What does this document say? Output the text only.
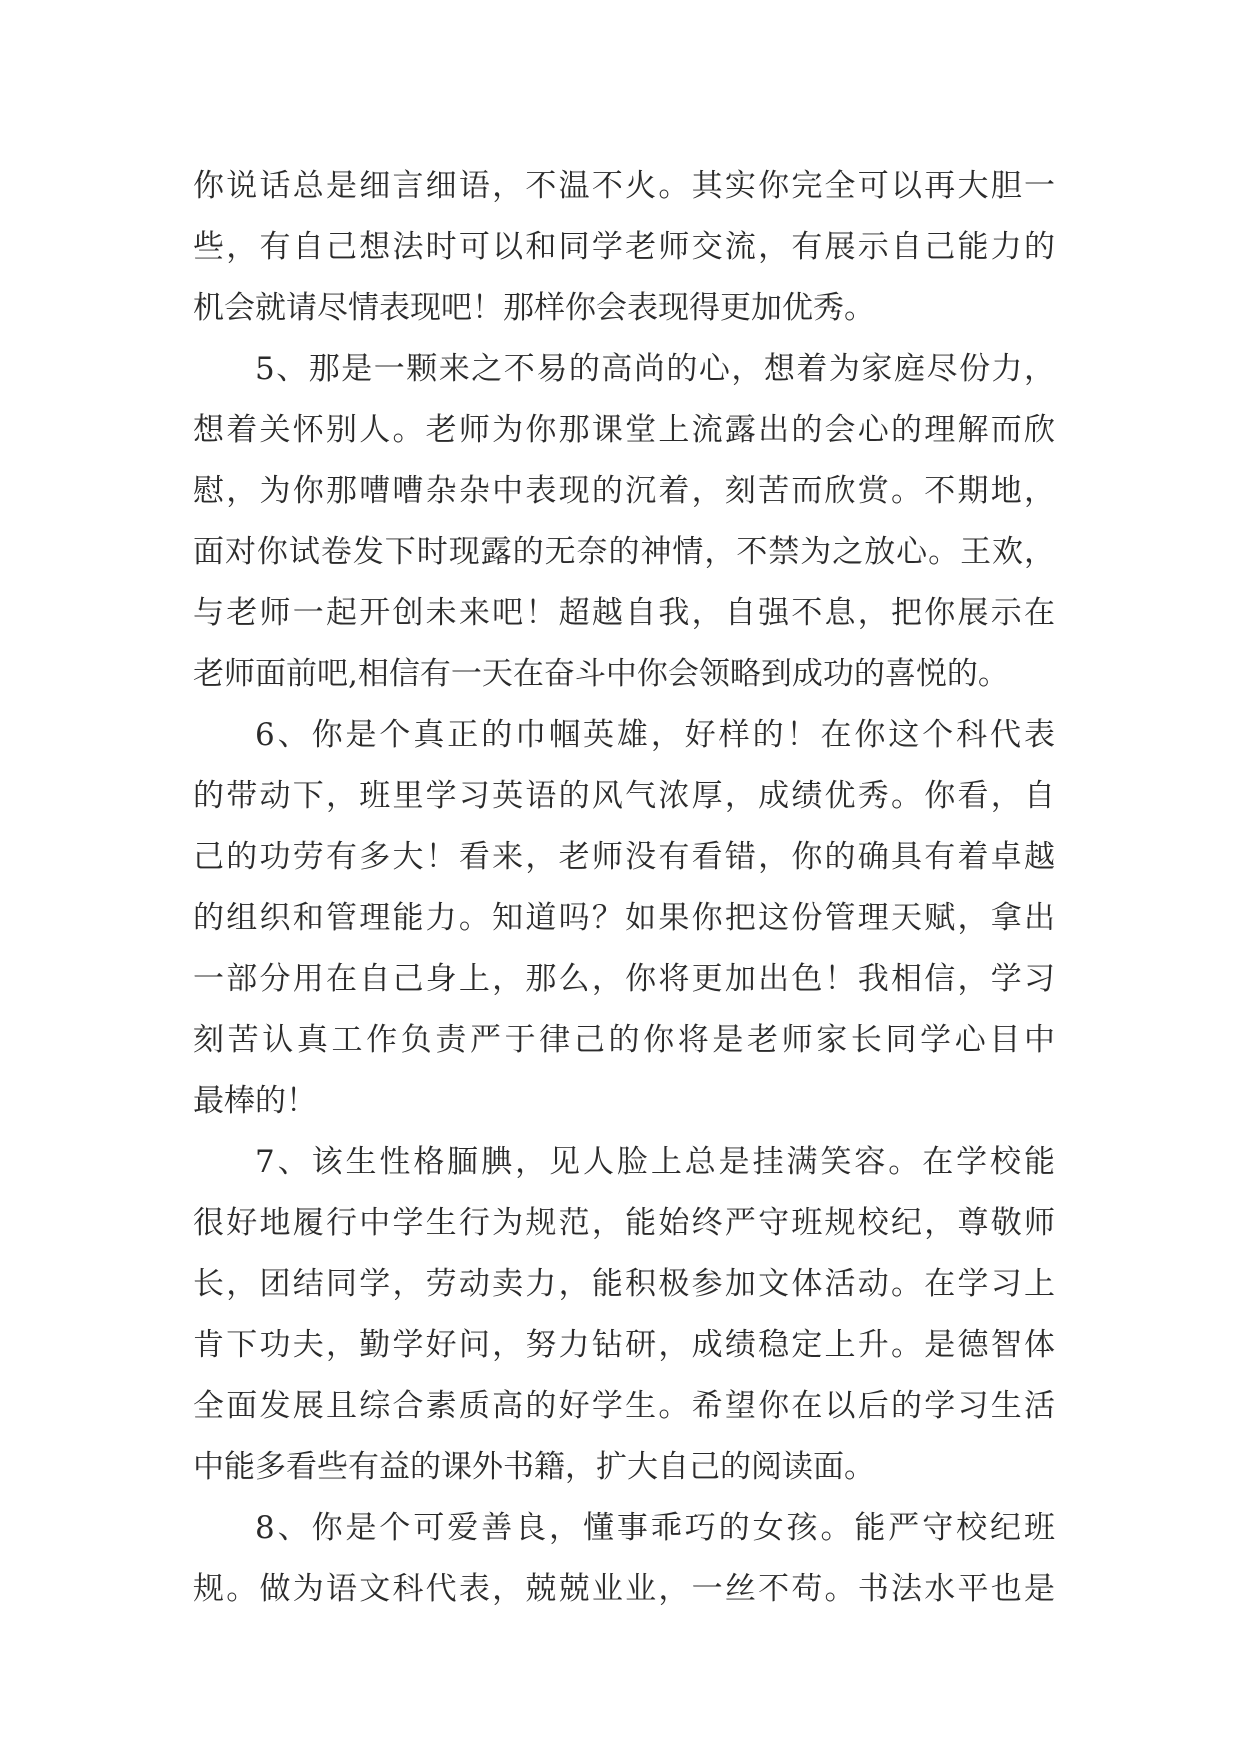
你说话总是细言细语，不温不火。其实你完全可以再大胆一
些，有自己想法时可以和同学老师交流，有展示自己能力的
机会就请尽情表现吧！那样你会表现得更加优秀。
5、那是一颗来之不易的高尚的心，想着为家庭尽份力，
想着关怀别人。老师为你那课堂上流露出的会心的理解而欣
慰，为你那嘈嘈杂杂中表现的沉着，刻苦而欣赏。不期地，
面对你试卷发下时现露的无奈的神情，不禁为之放心。王欢，
与老师一起开创未来吧！超越自我，自强不息，把你展示在
老师面前吧,相信有一天在奋斗中你会领略到成功的喜悦的。
6、你是个真正的巾帼英雄，好样的！在你这个科代表
的带动下，班里学习英语的风气浓厚，成绩优秀。你看，自
己的功劳有多大！看来，老师没有看错，你的确具有着卓越
的组织和管理能力。知道吗？如果你把这份管理天赋，拿出
一部分用在自己身上，那么，你将更加出色！我相信，学习
刻苦认真工作负责严于律己的你将是老师家长同学心目中
最棒的！
7、该生性格腼腆，见人脸上总是挂满笑容。在学校能
很好地履行中学生行为规范，能始终严守班规校纪，尊敬师
长，团结同学，劳动卖力，能积极参加文体活动。在学习上
肯下功夫，勤学好问，努力钻研，成绩稳定上升。是德智体
全面发展且综合素质高的好学生。希望你在以后的学习生活
中能多看些有益的课外书籍，扩大自己的阅读面。
8、你是个可爱善良，懂事乖巧的女孩。能严守校纪班
规。做为语文科代表，兢兢业业，一丝不苟。书法水平也是
